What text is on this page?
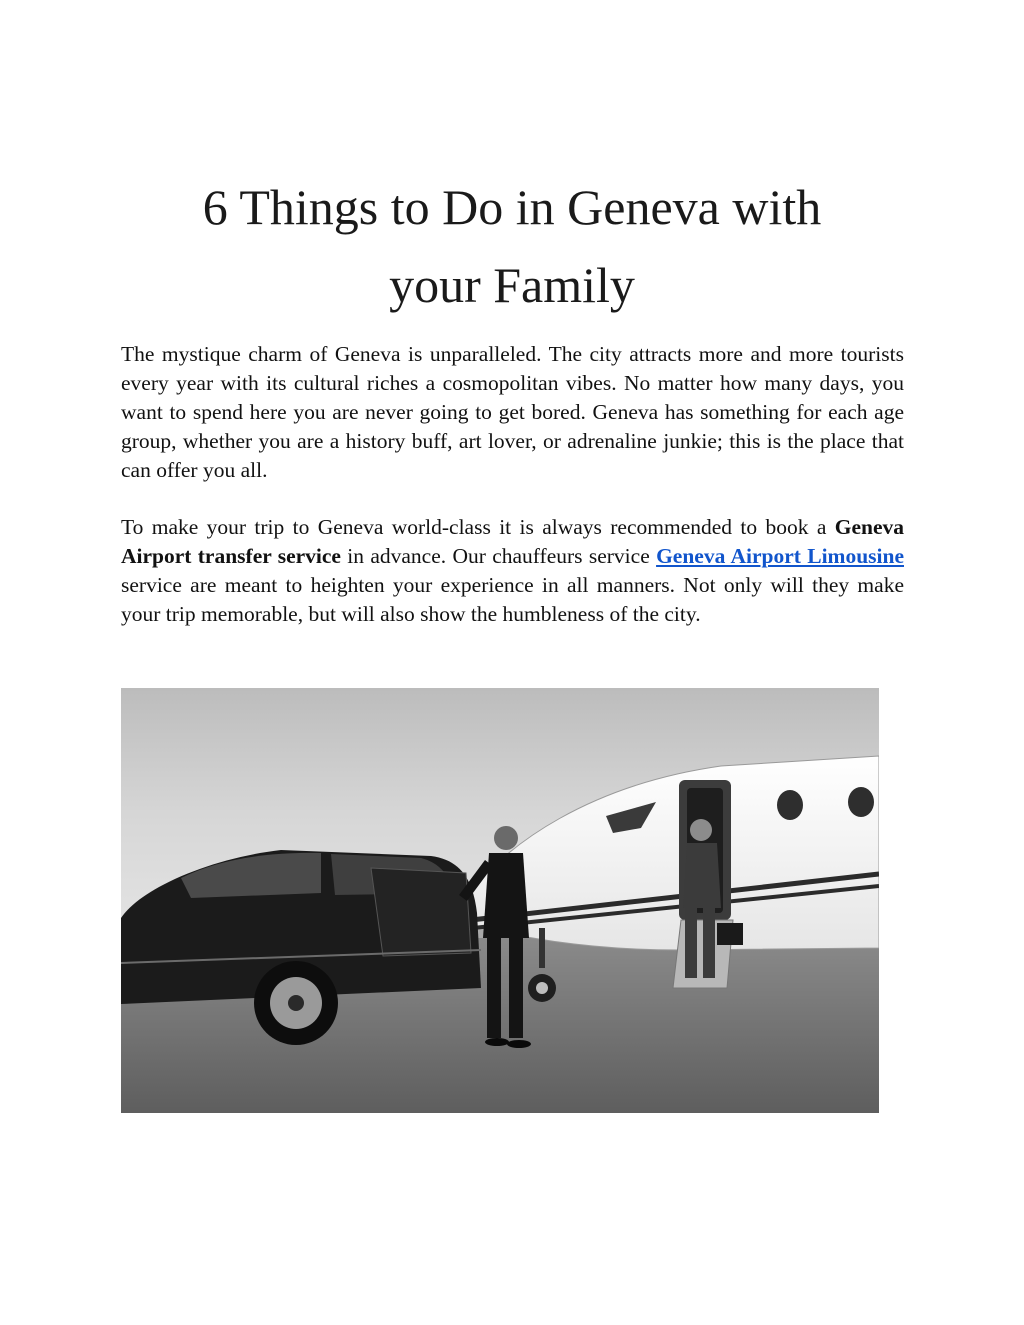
6 Things to Do in Geneva with
your Family

The mystique charm of Geneva is unparalleled. The city attracts more and more tourists every year with its cultural riches a cosmopolitan vibes. No matter how many days, you want to spend here you are never going to get bored. Geneva has something for each age group, whether you are a history buff, art lover, or adrenaline junkie; this is the place that can offer you all.

To make your trip to Geneva world-class it is always recommended to book a Geneva Airport transfer service in advance. Our chauffeurs service Geneva Airport Limousine service are meant to heighten your experience in all manners. Not only will they make your trip memorable, but will also show the humbleness of the city.
